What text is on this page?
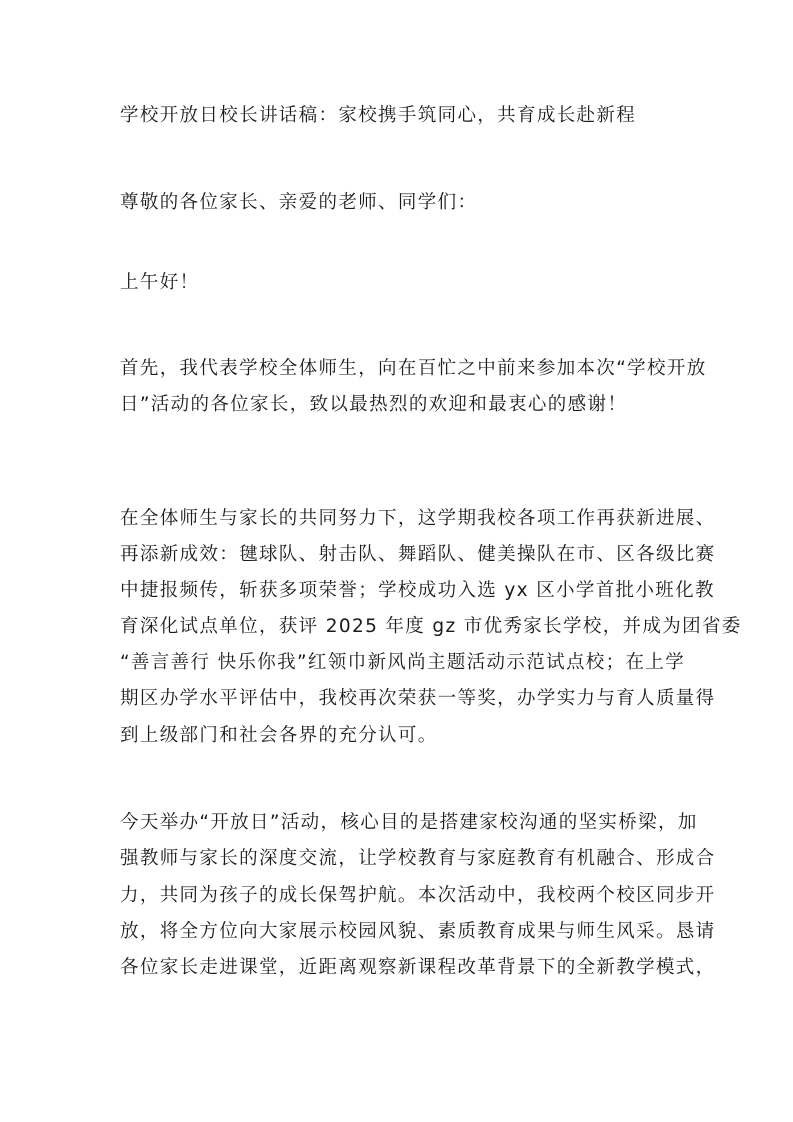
学校开放日校长讲话稿：家校携手筑同心，共育成长赴新程
尊敬的各位家长、亲爱的老师、同学们：
上午好！
首先，我代表学校全体师生，向在百忙之中前来参加本次“学校开放
日”活动的各位家长，致以最热烈的欢迎和最衷心的感谢！
在全体师生与家长的共同努力下，这学期我校各项工作再获新进展、
再添新成效：毽球队、射击队、舞蹈队、健美操队在市、区各级比赛
中捷报频传，斩获多项荣誉；学校成功入选 yx 区小学首批小班化教
育深化试点单位，获评 2025 年度 gz 市优秀家长学校，并成为团省委
“善言善行 快乐你我”红领巾新风尚主题活动示范试点校；在上学
期区办学水平评估中，我校再次荣获一等奖，办学实力与育人质量得
到上级部门和社会各界的充分认可。
今天举办“开放日”活动，核心目的是搭建家校沟通的坚实桥梁，加
强教师与家长的深度交流，让学校教育与家庭教育有机融合、形成合
力，共同为孩子的成长保驾护航。本次活动中，我校两个校区同步开
放，将全方位向大家展示校园风貌、素质教育成果与师生风采。恳请
各位家长走进课堂，近距离观察新课程改革背景下的全新教学模式，
